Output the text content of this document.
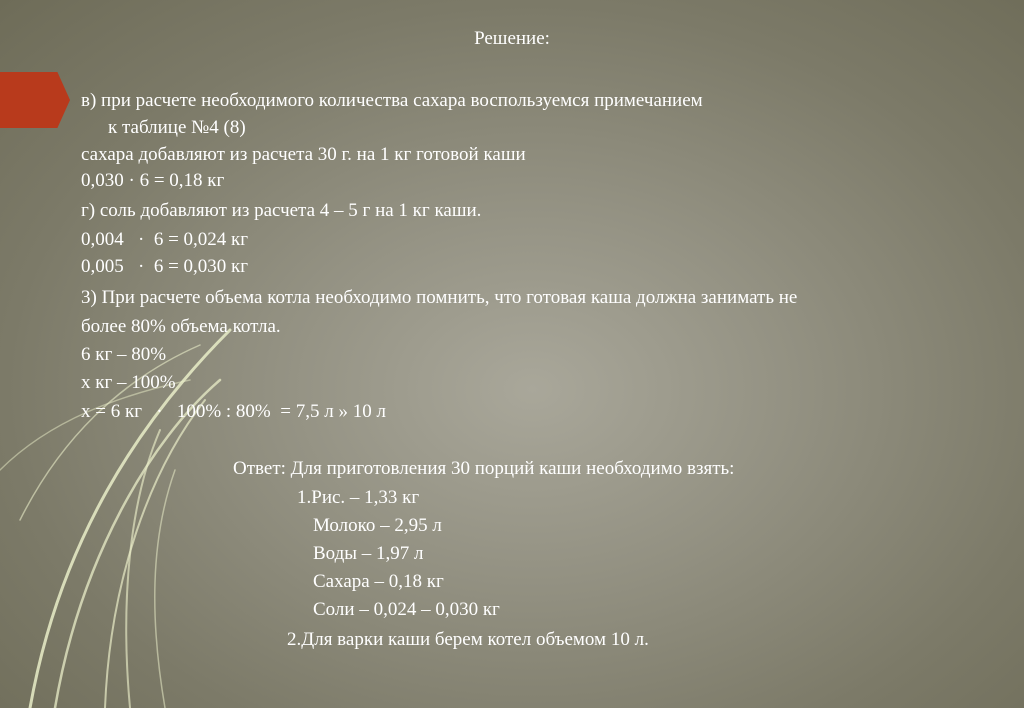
Решение:
в) при расчете необходимого количества сахара воспользуемся примечанием
к таблице №4 (8)
сахара добавляют из расчета 30 г. на 1 кг готовой каши
0,030 · 6 = 0,18 кг
г) соль добавляют из расчета 4 – 5 г на 1 кг каши.
0,004   ·  6 = 0,024 кг
0,005   ·  6 = 0,030 кг
3) При расчете объема котла необходимо помнить, что готовая каша должна занимать не
более 80% объема котла.
6 кг – 80%
х кг – 100%
х = 6 кг   ·   100% : 80%  = 7,5 л » 10 л
Ответ: Для приготовления 30 порций каши необходимо взять:
1.Рис. – 1,33 кг
Молоко – 2,95 л
Воды – 1,97 л
Сахара – 0,18 кг
Соли – 0,024 – 0,030 кг
2.Для варки каши берем котел объемом 10 л.
